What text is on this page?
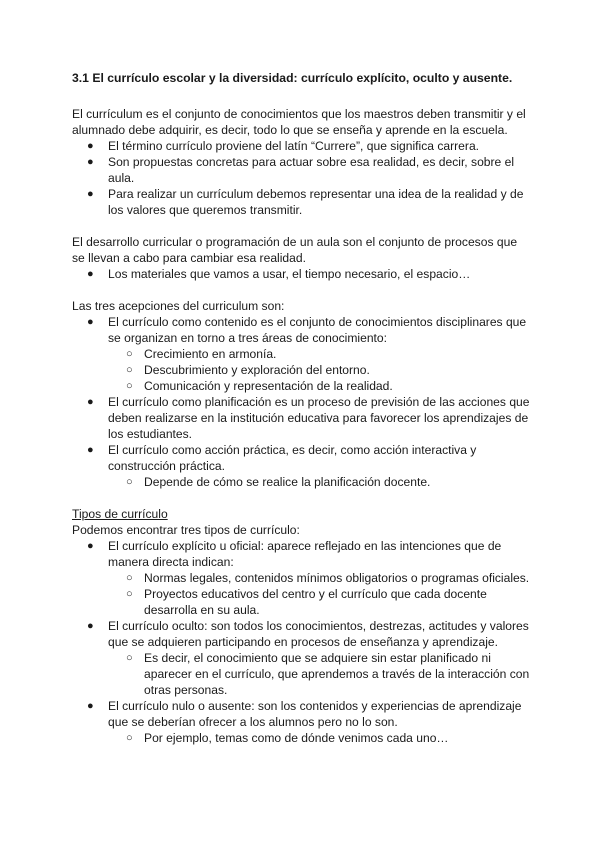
3.1 El currículo escolar y la diversidad: currículo explícito, oculto y ausente.

El currículum es el conjunto de conocimientos que los maestros deben transmitir y el alumnado debe adquirir, es decir, todo lo que se enseña y aprende en la escuela.

● El término currículo proviene del latín “Currere”, que significa carrera.
● Son propuestas concretas para actuar sobre esa realidad, es decir, sobre el aula.
● Para realizar un currículum debemos representar una idea de la realidad y de los valores que queremos transmitir.

El desarrollo curricular o programación de un aula son el conjunto de procesos que se llevan a cabo para cambiar esa realidad.

● Los materiales que vamos a usar, el tiempo necesario, el espacio…

Las tres acepciones del curriculum son:

● El currículo como contenido es el conjunto de conocimientos disciplinares que se organizan en torno a tres áreas de conocimiento:
○ Crecimiento en armonía.
○ Descubrimiento y exploración del entorno.
○ Comunicación y representación de la realidad.
● El currículo como planificación es un proceso de previsión de las acciones que deben realizarse en la institución educativa para favorecer los aprendizajes de los estudiantes.
● El currículo como acción práctica, es decir, como acción interactiva y construcción práctica.
○ Depende de cómo se realice la planificación docente.

Tipos de currículo

Podemos encontrar tres tipos de currículo:

● El currículo explícito u oficial: aparece reflejado en las intenciones que de manera directa indican:
○ Normas legales, contenidos mínimos obligatorios o programas oficiales.
○ Proyectos educativos del centro y el currículo que cada docente desarrolla en su aula.
● El currículo oculto: son todos los conocimientos, destrezas, actitudes y valores que se adquieren participando en procesos de enseñanza y aprendizaje.
○ Es decir, el conocimiento que se adquiere sin estar planificado ni aparecer en el currículo, que aprendemos a través de la interacción con otras personas.
● El currículo nulo o ausente: son los contenidos y experiencias de aprendizaje que se deberían ofrecer a los alumnos pero no lo son.
○ Por ejemplo, temas como de dónde venimos cada uno…
